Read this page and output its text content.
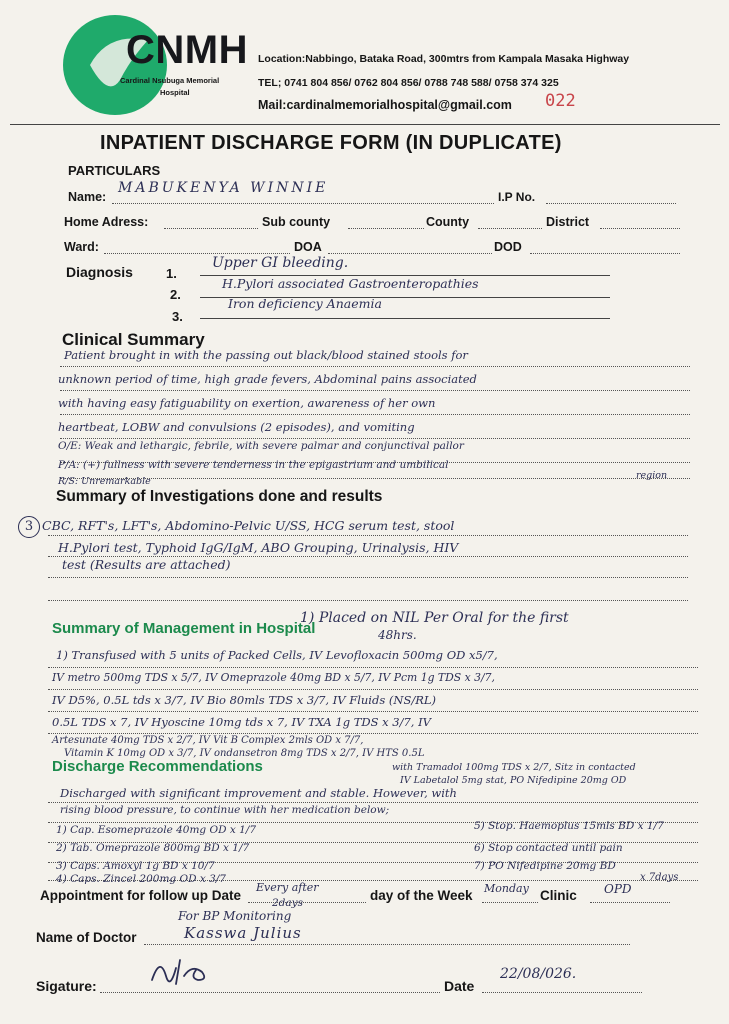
CNMH
Cardinal Nsubuga Memorial
Hospital
Location:Nabbingo, Bataka Road, 300mtrs from Kampala Masaka Highway
TEL; 0741 804 856/ 0762 804 856/ 0788 748 588/ 0758 374 325
Mail:cardinalmemorialhospital@gmail.com 022
INPATIENT DISCHARGE FORM (IN DUPLICATE)
PARTICULARS
Name:
MABUKENYA WINNIE
I.P No.
Home Adress:	Sub county	County	District
Ward:	DOA	DOD
Diagnosis	1.
Upper GI bleeding.
2.
H.Pylori associated Gastroenteropathies
3.
Iron deficiency Anaemia
Clinical Summary
Patient brought in with the passing out black/blood stained stools for
unknown period of time, high grade fevers, Abdominal pains associated
with having easy fatiguability on exertion, awareness of her own
heartbeat, LOBW and convulsions (2 episodes), and vomiting
O/E: Weak and lethargic, febrile, with severe palmar and conjunctival pallor
P/A: (+) fullness with severe tenderness in the epigastrium and umbilical
R/S: Unremarkable
region
Summary of Investigations done and results
3 CBC, RFT's, LFT's, Abdomino-Pelvic U/SS, HCG serum test, stool
H.Pylori test, Typhoid IgG/IgM, ABO Grouping, Urinalysis, HIV
test (Results are attached)
Summary of Management in Hospital
1) Placed on NIL Per Oral for the first
48hrs.
1) Transfused with 5 units of Packed Cells, IV Levofloxacin 500mg OD x5/7,
IV metro 500mg TDS x 5/7, IV Omeprazole 40mg BD x 5/7, IV Pcm 1g TDS x 3/7,
IV D5%, 0.5L tds x 3/7, IV Bio 80mls TDS x 3/7, IV Fluids (NS/RL)
0.5L TDS x 7, IV Hyoscine 10mg tds x 7, IV TXA 1g TDS x 3/7, IV
Artesunate 40mg TDS x 2/7, IV Vit B Complex 2mls OD x 7/7,
Vitamin K 10mg OD x 3/7, IV ondansetron 8mg TDS x 2/7, IV HTS 0.5L
with Tramadol 100mg TDS x 2/7, Sitz in contacted
IV Labetalol 5mg stat, PO Nifedipine 20mg OD
Discharge Recommendations
Discharged with significant improvement and stable. However, with
rising blood pressure, to continue with her medication below;
1) Cap. Esomeprazole 40mg OD x 1/7
2) Tab. Omeprazole 800mg BD x 1/7
3) Caps. Amoxyl 1g BD x 10/7
4) Caps. Zincel 200mg OD x 3/7
5) Stop. Haemoplus 15mls BD x 1/7
6) Stop contacted until pain
7) PO Nifedipine 20mg BD
x 7days
Appointment for follow up Date
Every after
2days	day of the Week Monday Clinic OPD
For BP Monitoring
Name of Doctor	Kasswa Julius
Sigature:	Date
22/08/026.
